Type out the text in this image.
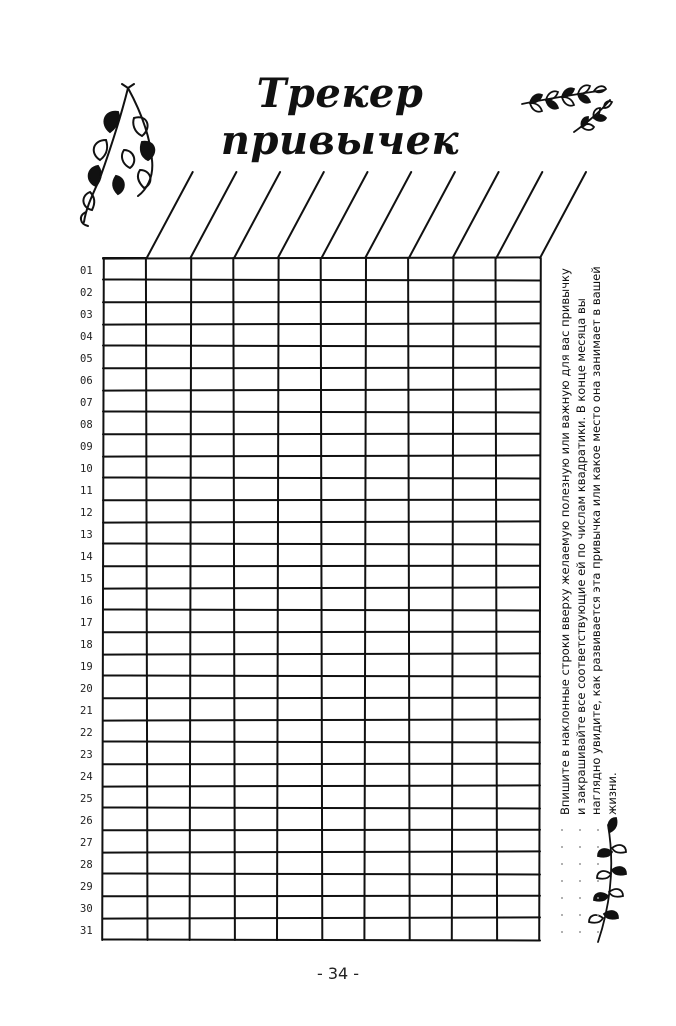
Трекер привычек
01
02
03
04
05
06
07
08
09
10
11
12
13
14
15
16
17
18
19
20
21
22
23
24
25
26
27
28
29
30
31
Впишите в наклонные строки вверху желаемую полезную или важную для вас привычку и закрашивайте все соответствующие ей по числам квадратики. В конце месяца вы наглядно увидите, как развивается эта привычка или какое место она занимает в вашей жизни.
- 34 -
